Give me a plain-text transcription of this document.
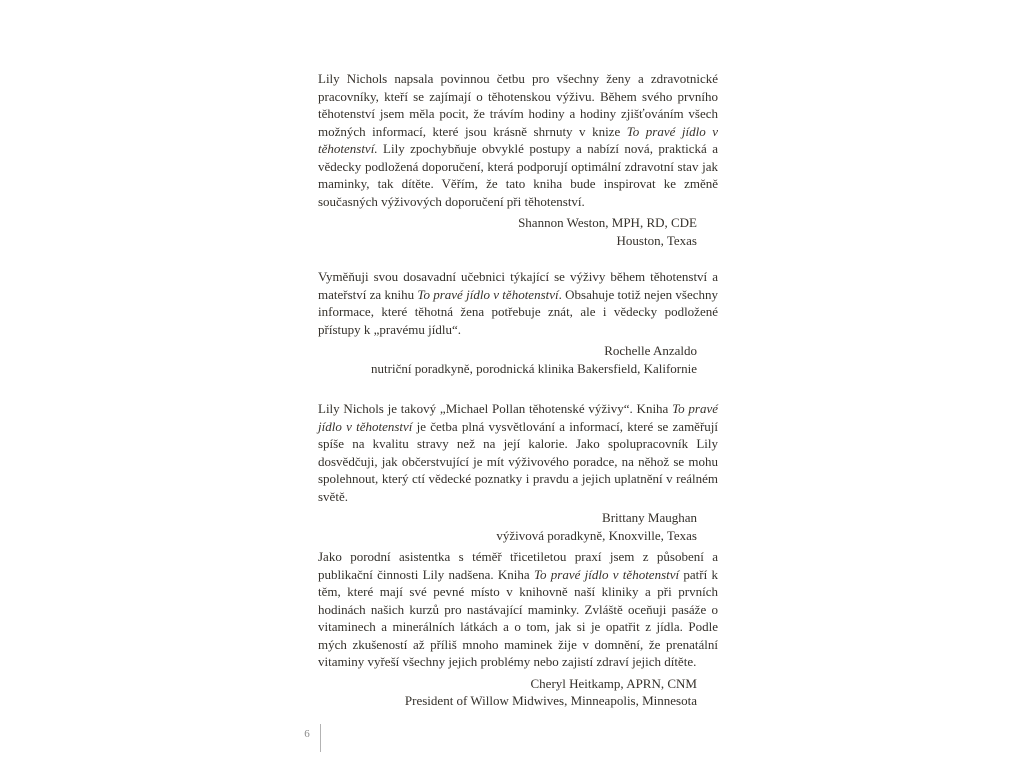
Lily Nichols napsala povinnou četbu pro všechny ženy a zdravotnické pracovníky, kteří se zajímají o těhotenskou výživu. Během svého prvního těhotenství jsem měla pocit, že trávím hodiny a hodiny zjišťováním všech možných informací, které jsou krásně shrnuty v knize To pravé jídlo v těhotenství. Lily zpochybňuje obvyklé postupy a nabízí nová, praktická a vědecky podložená doporučení, která podporují optimální zdravotní stav jak maminky, tak dítěte. Věřím, že tato kniha bude inspirovat ke změně současných výživových doporučení při těhotenství.

Shannon Weston, MPH, RD, CDE
Houston, Texas

Vyměňuji svou dosavadní učebnici týkající se výživy během těhotenství a mateřství za knihu To pravé jídlo v těhotenství. Obsahuje totiž nejen všechny informace, které těhotná žena potřebuje znát, ale i vědecky podložené přístupy k „pravému jídlu“.

Rochelle Anzaldo
nutriční poradkyně, porodnická klinika Bakersfield, Kalifornie

Lily Nichols je takový „Michael Pollan těhotenské výživy“. Kniha To pravé jídlo v těhotenství je četba plná vysvětlování a informací, které se zaměřují spíše na kvalitu stravy než na její kalorie. Jako spolupracovník Lily dosvědčuji, jak občerstvující je mít výživového poradce, na něhož se mohu spolehnout, který ctí vědecké poznatky i pravdu a jejich uplatnění v reálném světě.

Brittany Maughan
výživová poradkyně, Knoxville, Texas

Jako porodní asistentka s téměř třicetiletou praxí jsem z působení a publikační činnosti Lily nadšena. Kniha To pravé jídlo v těhotenství patří k těm, které mají své pevné místo v knihovně naší kliniky a při prvních hodinách našich kurzů pro nastávající maminky. Zvláště oceňuji pasáže o vitaminech a minerálních látkách a o tom, jak si je opatřit z jídla. Podle mých zkušeností až příliš mnoho maminek žije v domnění, že prenatální vitaminy vyřeší všechny jejich problémy nebo zajistí zdraví jejich dítěte.

Cheryl Heitkamp, APRN, CNM
President of Willow Midwives, Minneapolis, Minnesota
6
